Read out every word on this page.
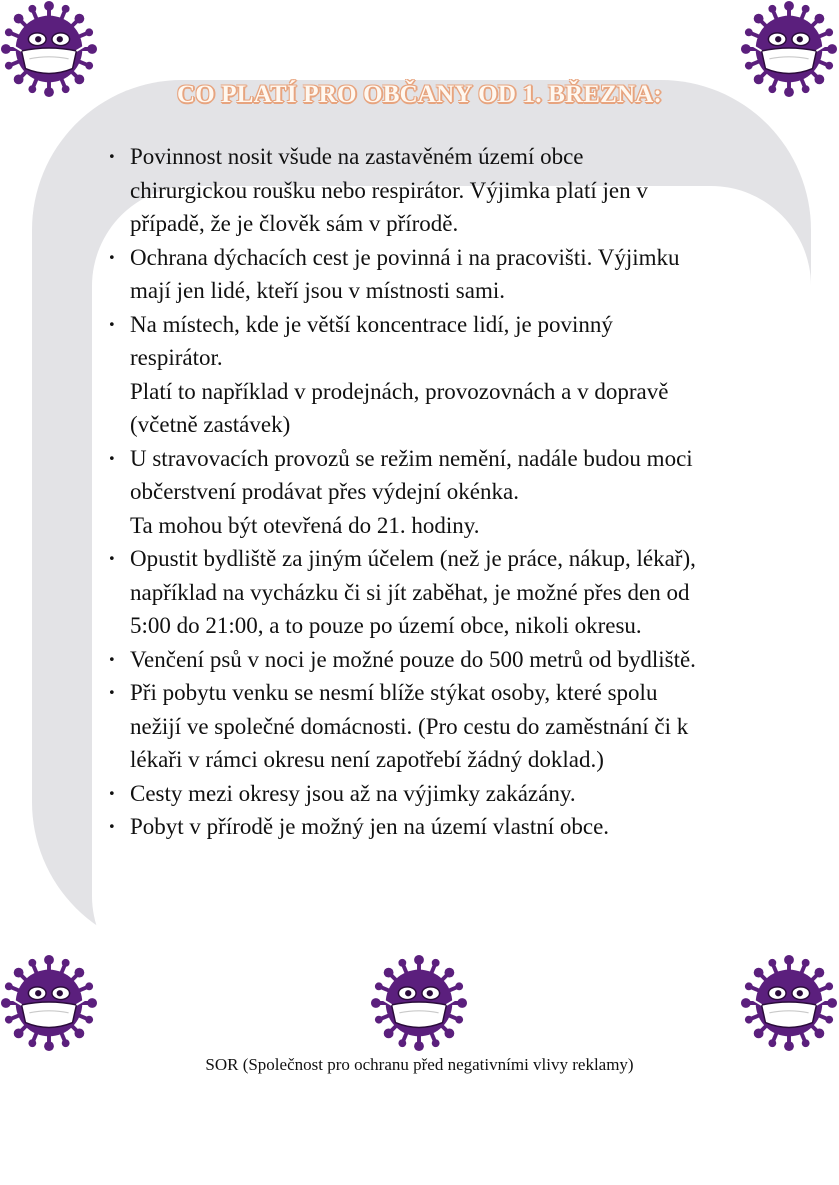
CO PLATÍ PRO OBČANY OD 1. BŘEZNA:
· Povinnost nosit všude na zastavěném území obce
chirurgickou roušku nebo respirátor. Výjimka platí jen v
případě, že je člověk sám v přírodě.
· Ochrana dýchacích cest je povinná i na pracovišti. Výjimku
mají jen lidé, kteří jsou v místnosti sami.
· Na místech, kde je větší koncentrace lidí, je povinný
respirátor.
Platí to například v prodejnách, provozovnách a v dopravě
(včetně zastávek)
· U stravovacích provozů se režim nemění, nadále budou moci
občerstvení prodávat přes výdejní okénka.
Ta mohou být otevřená do 21. hodiny.
· Opustit bydliště za jiným účelem (než je práce, nákup, lékař),
například na vycházku či si jít zaběhat, je možné přes den od
5:00 do 21:00, a to pouze po území obce, nikoli okresu.
· Venčení psů v noci je možné pouze do 500 metrů od bydliště.
· Při pobytu venku se nesmí blíže stýkat osoby, které spolu
nežijí ve společné domácnosti. (Pro cestu do zaměstnání či k
lékaři v rámci okresu není zapotřebí žádný doklad.)
· Cesty mezi okresy jsou až na výjimky zakázány.
· Pobyt v přírodě je možný jen na území vlastní obce.
SOR (Společnost pro ochranu před negativními vlivy reklamy)
